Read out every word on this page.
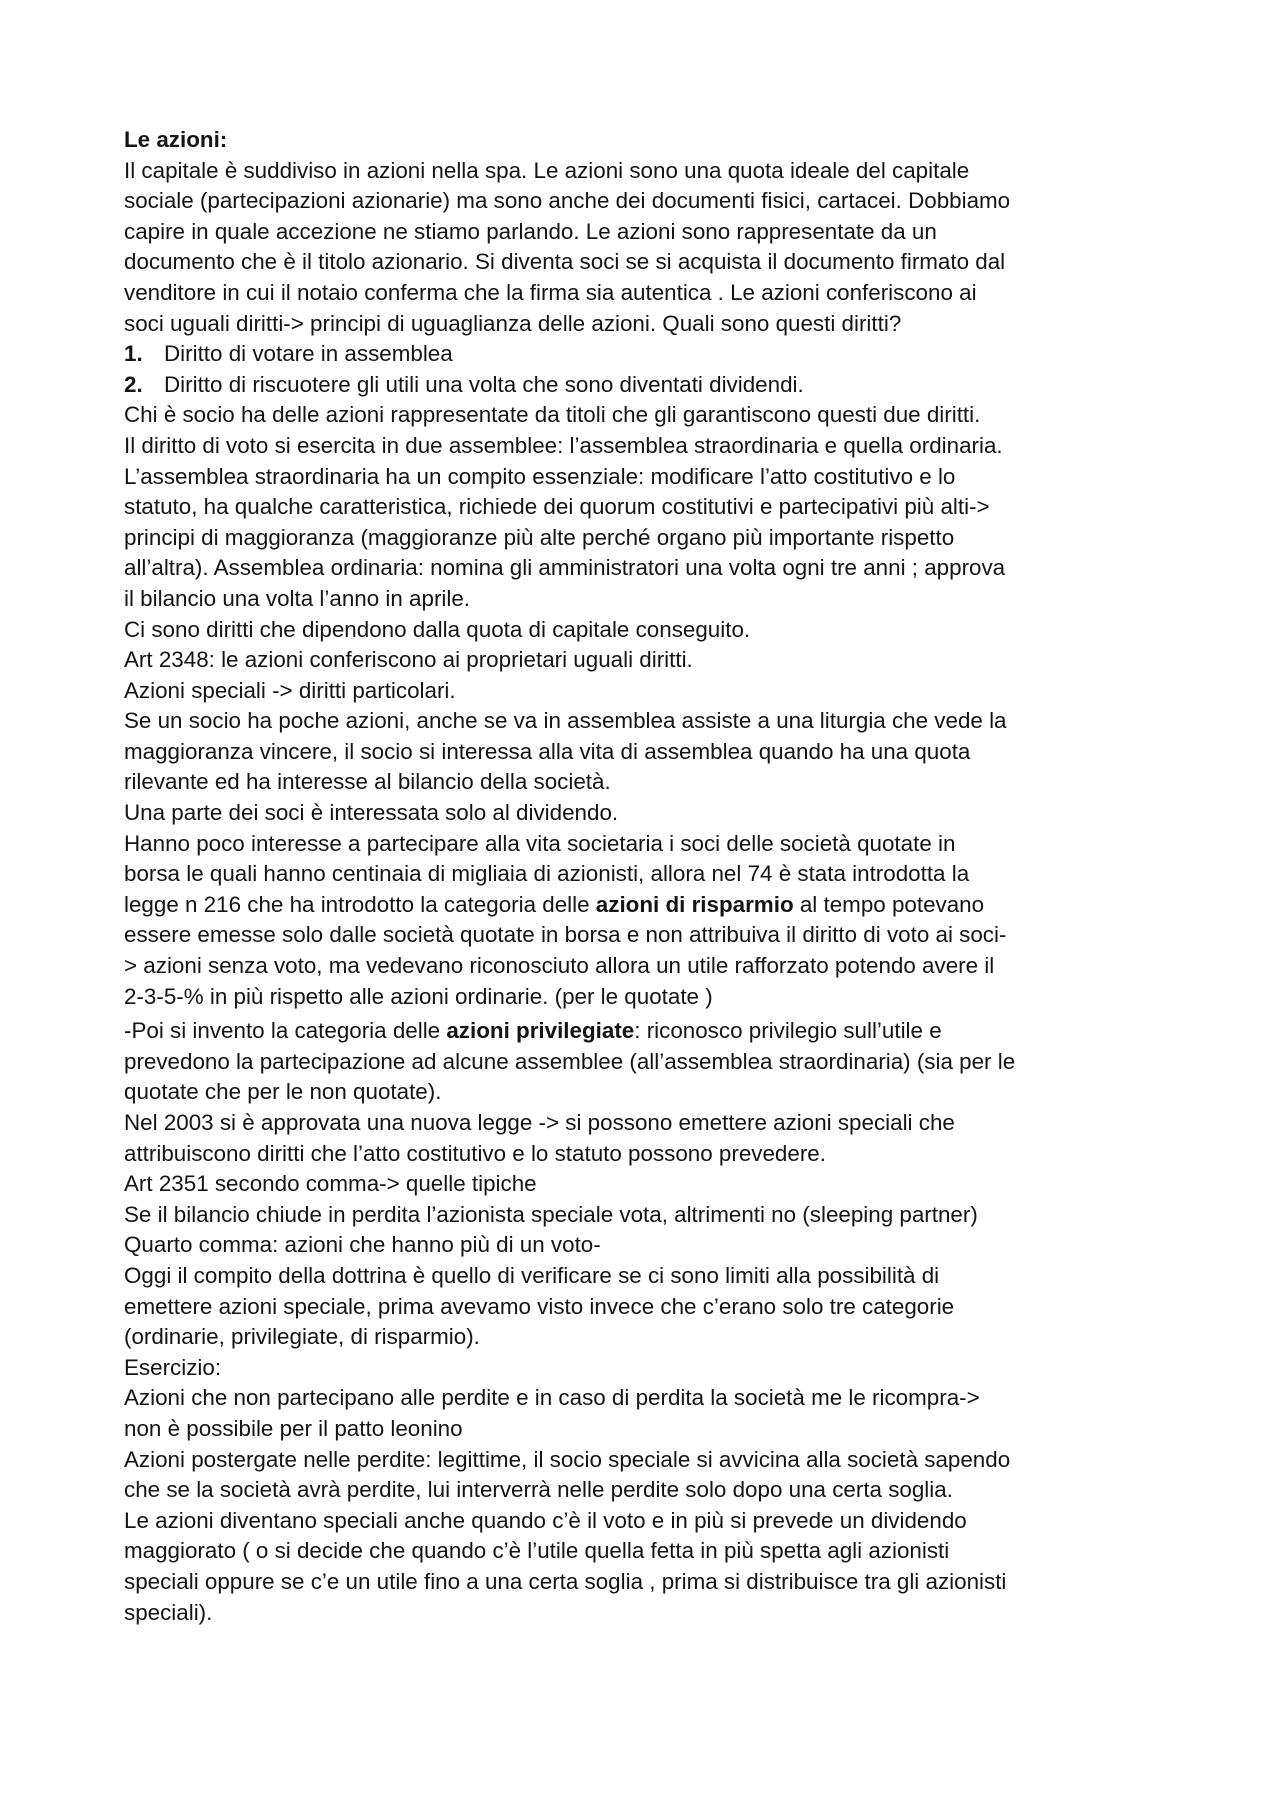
Le azioni:
Il capitale è suddiviso in azioni nella spa. Le azioni sono una quota ideale del capitale
sociale (partecipazioni azionarie) ma sono anche dei documenti fisici, cartacei. Dobbiamo
capire in quale accezione ne stiamo parlando. Le azioni sono rappresentate da un
documento che è il titolo azionario. Si diventa soci se si acquista il documento firmato dal
venditore in cui il notaio conferma che la firma sia autentica . Le azioni conferiscono ai
soci uguali diritti-> principi di uguaglianza delle azioni. Quali sono questi diritti?
1. Diritto di votare in assemblea
2. Diritto di riscuotere gli utili una volta che sono diventati dividendi.
Chi è socio ha delle azioni rappresentate da titoli che gli garantiscono questi due diritti.
Il diritto di voto si esercita in due assemblee: l’assemblea straordinaria e quella ordinaria.
L’assemblea straordinaria ha un compito essenziale: modificare l’atto costitutivo e lo
statuto, ha qualche caratteristica, richiede dei quorum costitutivi e partecipativi più alti->
principi di maggioranza (maggioranze più alte perché organo più importante rispetto
all’altra). Assemblea ordinaria: nomina gli amministratori una volta ogni tre anni ; approva
il bilancio una volta l’anno in aprile.
Ci sono diritti che dipendono dalla quota di capitale conseguito.
Art 2348: le azioni conferiscono ai proprietari uguali diritti.
Azioni speciali -> diritti particolari.
Se un socio ha poche azioni, anche se va in assemblea assiste a una liturgia che vede la
maggioranza vincere, il socio si interessa alla vita di assemblea quando ha una quota
rilevante ed ha interesse al bilancio della società.
Una parte dei soci è interessata solo al dividendo.
Hanno poco interesse a partecipare alla vita societaria i soci delle società quotate in
borsa le quali hanno centinaia di migliaia di azionisti, allora nel 74 è stata introdotta la
legge n 216 che ha introdotto la categoria delle azioni di risparmio al tempo potevano
essere emesse solo dalle società quotate in borsa e non attribuiva il diritto di voto ai soci-
> azioni senza voto, ma vedevano riconosciuto allora un utile rafforzato potendo avere il
2-3-5-% in più rispetto alle azioni ordinarie. (per le quotate )
-Poi si invento la categoria delle azioni privilegiate: riconosco privilegio sull’utile e
prevedono la partecipazione ad alcune assemblee (all’assemblea straordinaria) (sia per le
quotate che per le non quotate).
Nel 2003 si è approvata una nuova legge -> si possono emettere azioni speciali che
attribuiscono diritti che l’atto costitutivo e lo statuto possono prevedere.
Art 2351 secondo comma-> quelle tipiche
Se il bilancio chiude in perdita l’azionista speciale vota, altrimenti no (sleeping partner)
Quarto comma: azioni che hanno più di un voto-
Oggi il compito della dottrina è quello di verificare se ci sono limiti alla possibilità di
emettere azioni speciale, prima avevamo visto invece che c’erano solo tre categorie
(ordinarie, privilegiate, di risparmio).
Esercizio:
Azioni che non partecipano alle perdite e in caso di perdita la società me le ricompra->
non è possibile per il patto leonino
Azioni postergate nelle perdite: legittime, il socio speciale si avvicina alla società sapendo
che se la società avrà perdite, lui interverrà nelle perdite solo dopo una certa soglia.
Le azioni diventano speciali anche quando c’è il voto e in più si prevede un dividendo
maggiorato ( o si decide che quando c’è l’utile quella fetta in più spetta agli azionisti
speciali oppure se c’e un utile fino a una certa soglia , prima si distribuisce tra gli azionisti
speciali).
